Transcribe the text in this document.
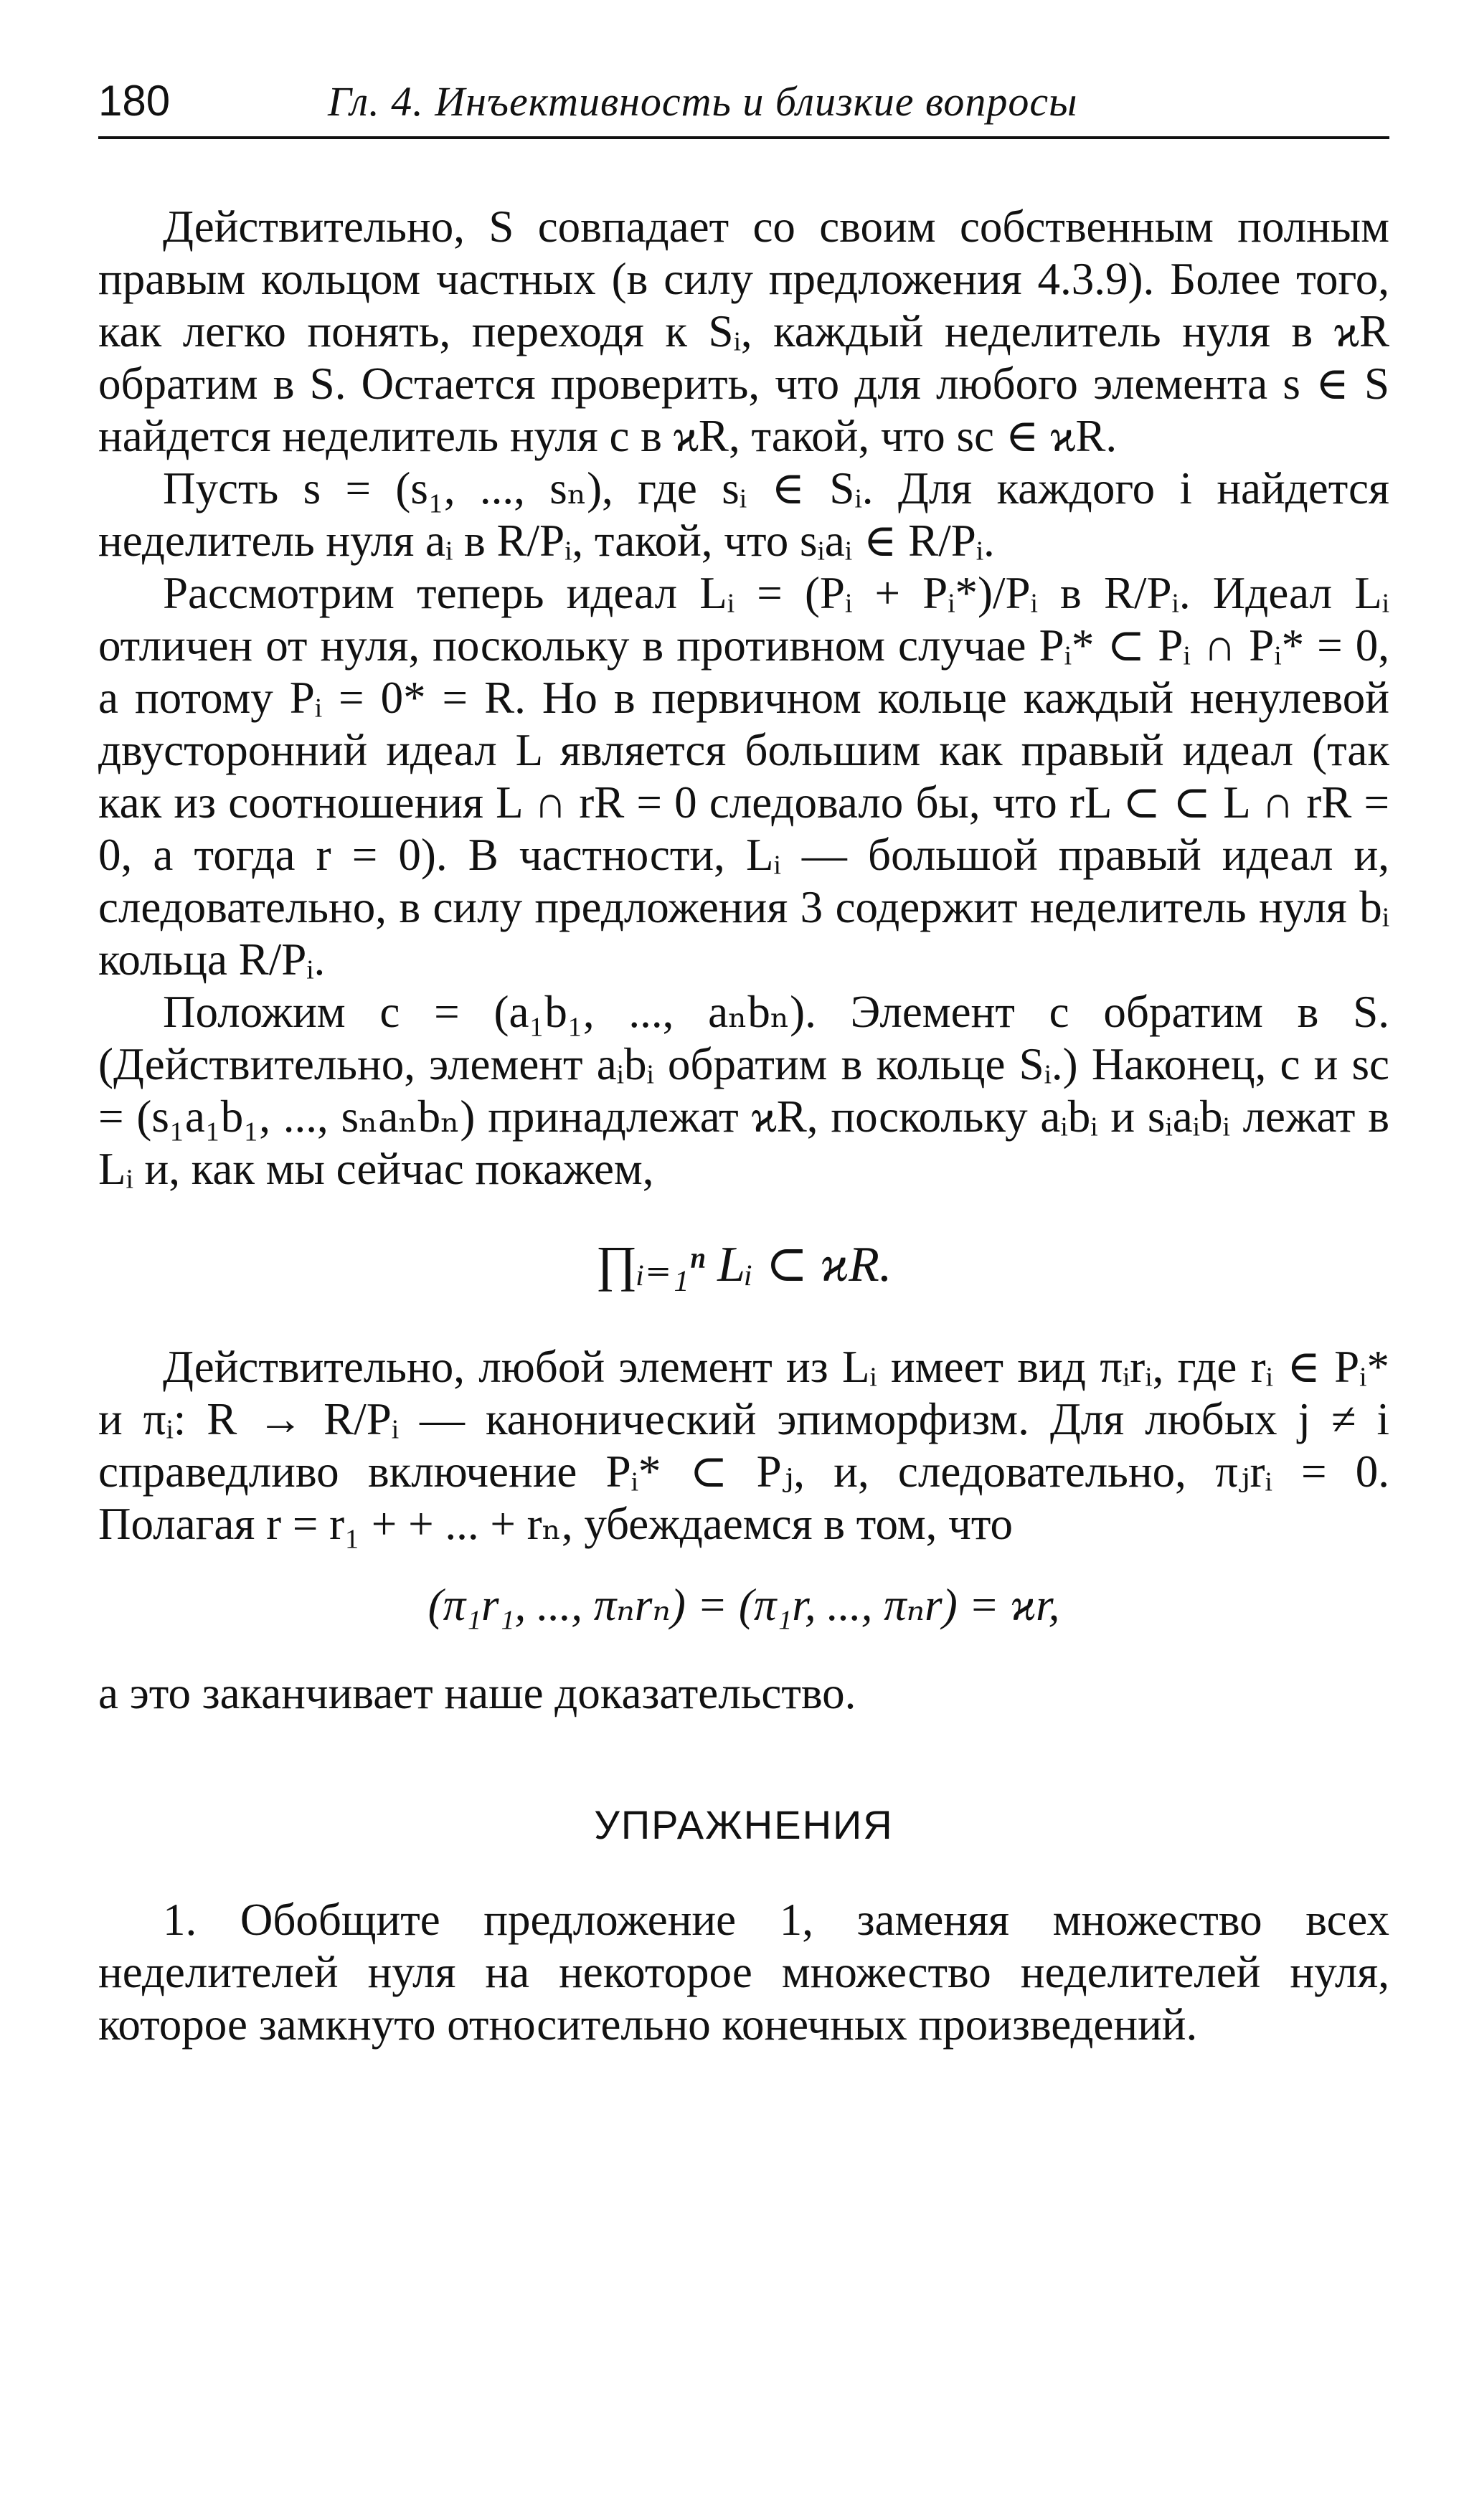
180	Гл. 4. Инъективность и близкие вопросы

Действительно, S совпадает со своим собственным полным правым кольцом частных (в силу предложения 4.3.9). Более того, как легко понять, переходя к Sᵢ, каждый неделитель нуля в ϰR обратим в S. Остается проверить, что для любого элемента s ∈ S найдется неделитель нуля c в ϰR, такой, что sc ∈ ϰR.

Пусть s = (s₁, ..., sₙ), где sᵢ ∈ Sᵢ. Для каждого i найдется неделитель нуля aᵢ в R/Pᵢ, такой, что sᵢaᵢ ∈ R/Pᵢ.

Рассмотрим теперь идеал Lᵢ = (Pᵢ + Pᵢ*)/Pᵢ в R/Pᵢ. Идеал Lᵢ отличен от нуля, поскольку в противном случае Pᵢ* ⊂ Pᵢ ∩ Pᵢ* = 0, а потому Pᵢ = 0* = R. Но в первичном кольце каждый ненулевой двусторонний идеал L является большим как правый идеал (так как из соотношения L ∩ rR = 0 следовало бы, что rL ⊂ ⊂ L ∩ rR = 0, а тогда r = 0). В частности, Lᵢ — большой правый идеал и, следовательно, в силу предложения 3 содержит неделитель нуля bᵢ кольца R/Pᵢ.

Положим c = (a₁b₁, ..., aₙbₙ). Элемент c обратим в S. (Действительно, элемент aᵢbᵢ обратим в кольце Sᵢ.) Наконец, c и sc = (s₁a₁b₁, ..., sₙaₙbₙ) принадлежат ϰR, поскольку aᵢbᵢ и sᵢaᵢbᵢ лежат в Lᵢ и, как мы сейчас покажем,

∏ᵢ₌₁ⁿ Lᵢ ⊂ ϰR.

Действительно, любой элемент из Lᵢ имеет вид πᵢrᵢ, где rᵢ ∈ Pᵢ* и πᵢ: R → R/Pᵢ — канонический эпиморфизм. Для любых j ≠ i справедливо включение Pᵢ* ⊂ Pⱼ, и, следовательно, πⱼrᵢ = 0. Полагая r = r₁ + + ... + rₙ, убеждаемся в том, что

(π₁r₁, ..., πₙrₙ) = (π₁r, ..., πₙr) = ϰr,

а это заканчивает наше доказательство.

УПРАЖНЕНИЯ

1. Обобщите предложение 1, заменяя множество всех неделителей нуля на некоторое множество неделителей нуля, которое замкнуто относительно конечных произведений.
